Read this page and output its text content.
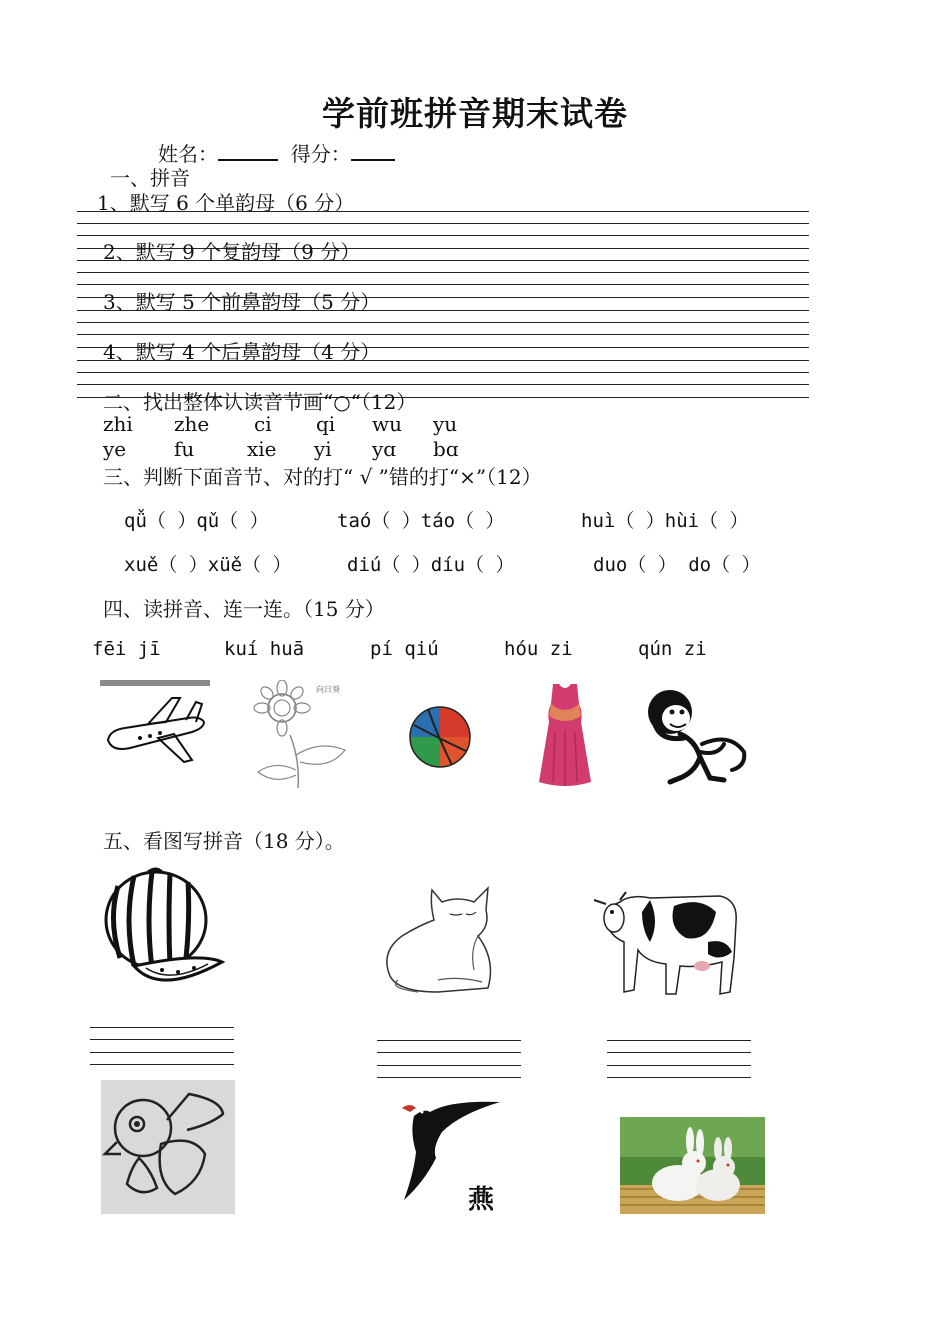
学前班拼音期末试卷
姓名：	得分：
一、拼音
1、默写 6 个单韵母（6 分）
2、默写 9 个复韵母（9 分）
3、默写 5 个前鼻韵母（5 分）
4、默写 4 个后鼻韵母（4 分）
二、找出整体认读音节画“○“（12）
zhi zhe ci qi wu yu
ye fu	xie yi yɑ bɑ
三、判断下面音节、对的打“ √ ”错的打“×”（12）
qǚ（ ）qǔ（ ）	taó（ ）táo（ ）	huì（ ）hùi（ ）
xuě（ ）xüě（ ）	diú（ ）díu（ ）	duo（ ） do（ ）
四、读拼音、连一连。（15 分）
fēi jī	kuí huā	pí qiú	hóu zi	qún zi
向日葵
五、看图写拼音（18 分）。
燕
